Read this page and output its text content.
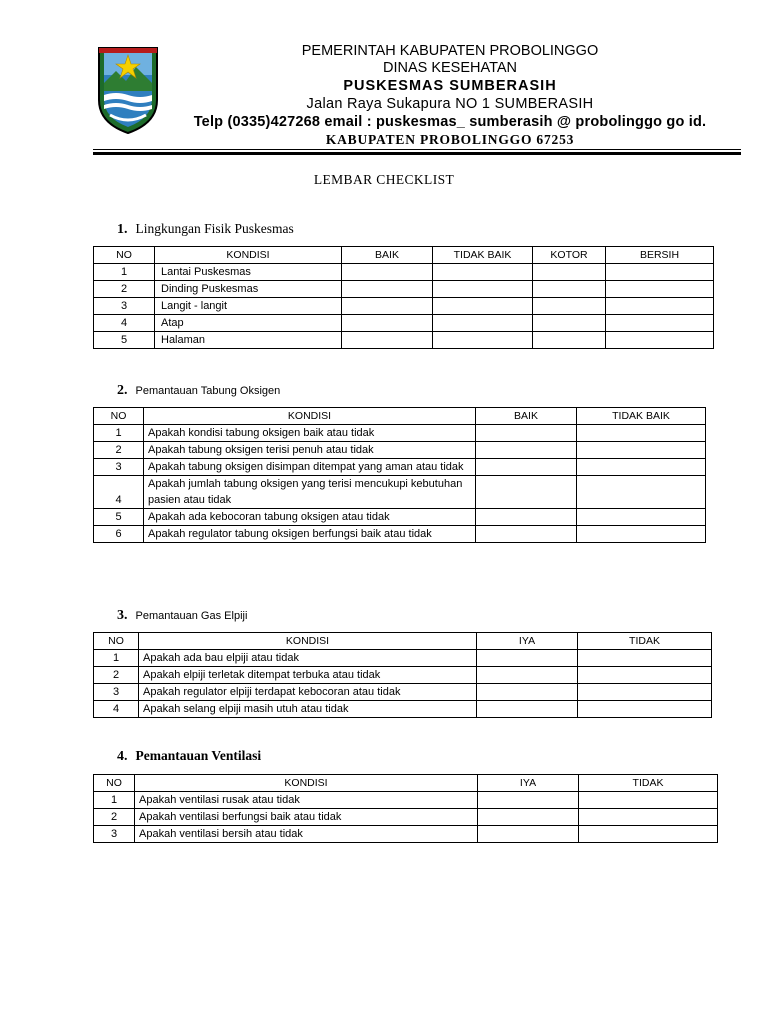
PEMERINTAH KABUPATEN PROBOLINGGO
DINAS KESEHATAN
PUSKESMAS SUMBERASIH
Jalan Raya Sukapura NO 1 SUMBERASIH
Telp (0335)427268 email : puskesmas_ sumberasih @ probolinggo go id.
KABUPATEN PROBOLINGGO 67253
LEMBAR CHECKLIST
1. Lingkungan Fisik Puskesmas
NO	KONDISI	BAIK	TIDAK BAIK	KOTOR	BERSIH
1	Lantai Puskesmas				
2	Dinding Puskesmas				
3	Langit - langit				
4	Atap				
5	Halaman				
2. Pemantauan Tabung Oksigen
NO	KONDISI	BAIK	TIDAK BAIK
1	Apakah kondisi tabung oksigen baik atau tidak		
2	Apakah tabung oksigen terisi penuh atau tidak		
3	Apakah tabung oksigen disimpan ditempat yang aman atau tidak		
4	Apakah jumlah tabung oksigen yang terisi mencukupi kebutuhan pasien atau tidak		
5	Apakah ada kebocoran tabung oksigen atau tidak		
6	Apakah regulator tabung oksigen berfungsi baik atau tidak		
3. Pemantauan Gas Elpiji
NO	KONDISI	IYA	TIDAK
1	Apakah ada bau elpiji atau tidak		
2	Apakah elpiji terletak ditempat terbuka atau tidak		
3	Apakah regulator elpiji terdapat kebocoran atau tidak		
4	Apakah selang elpiji masih utuh atau tidak		
4. Pemantauan Ventilasi
NO	KONDISI	IYA	TIDAK
1	Apakah ventilasi rusak atau tidak		
2	Apakah ventilasi berfungsi baik atau tidak		
3	Apakah ventilasi bersih atau tidak		
